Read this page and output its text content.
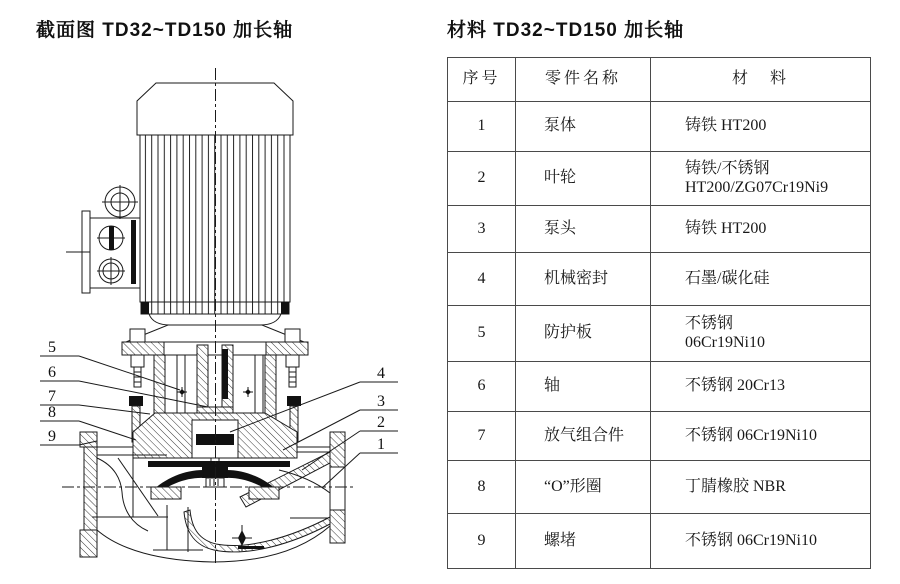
截面图 TD32~TD150 加长轴	材料 TD32~TD150 加长轴
5
6
7
8
9
4
3
2
1
序号	零件名称	材　料
1	泵体	铸铁 HT200

2	叶轮	铸铁/不锈钢
HT200/ZG07Cr19Ni9

3	泵头	铸铁 HT200

4	机械密封	石墨/碳化硅

5	防护板	不锈钢
06Cr19Ni10

6	轴	不锈钢 20Cr13

7	放气组合件	不锈钢 06Cr19Ni10

8	“O”形圈	丁腈橡胶 NBR

9	螺堵	不锈钢 06Cr19Ni10
